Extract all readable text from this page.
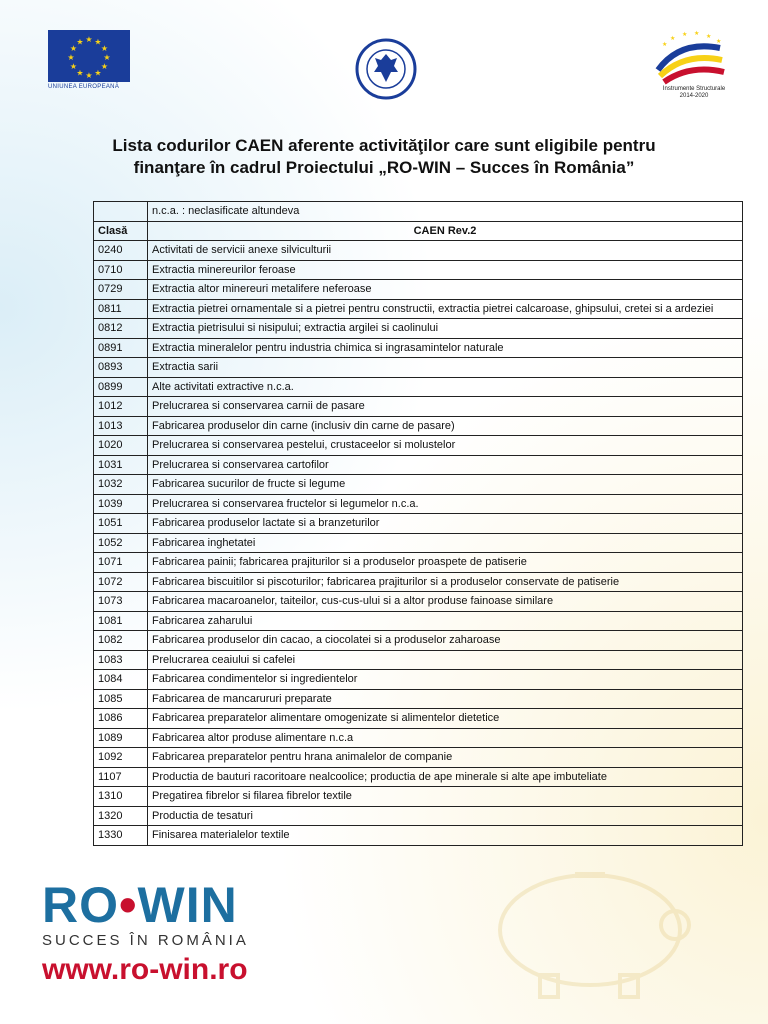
★ ★
★
★
★
★
★
★
★
★
★
★
UNIUNEA EUROPEANĂ
★
★ ★ ★
★
★
Instrumente Structurale
2014-2020
Lista codurilor CAEN aferente activităţilor care sunt eligibile pentru
finanţare în cadrul Proiectului „RO-WIN – Succes în România”
	n.c.a. : neclasificate altundeva
Clasă	CAEN Rev.2
0240	Activitati de servicii anexe silviculturii
0710	Extractia minereurilor feroase
0729	Extractia altor minereuri metalifere neferoase
0811	Extractia pietrei ornamentale si a pietrei pentru constructii, extractia pietrei calcaroase, ghipsului, cretei si a ardeziei
0812	Extractia pietrisului si nisipului; extractia argilei si caolinului
0891	Extractia mineralelor pentru industria chimica si ingrasamintelor naturale
0893	Extractia sarii
0899	Alte activitati extractive n.c.a.
1012	Prelucrarea si conservarea carnii de pasare
1013	Fabricarea produselor din carne (inclusiv din carne de pasare)
1020	Prelucrarea si conservarea pestelui, crustaceelor si molustelor
1031	Prelucrarea si conservarea cartofilor
1032	Fabricarea sucurilor de fructe si legume
1039	Prelucrarea si conservarea fructelor si legumelor n.c.a.
1051	Fabricarea produselor lactate si a branzeturilor
1052	Fabricarea inghetatei
1071	Fabricarea painii; fabricarea prajiturilor si a produselor proaspete de patiserie
1072	Fabricarea biscuitilor si piscoturilor; fabricarea prajiturilor si a produselor conservate de patiserie
1073	Fabricarea macaroanelor, taiteilor, cus-cus-ului si a altor produse fainoase similare
1081	Fabricarea zaharului
1082	Fabricarea produselor din cacao, a ciocolatei si a produselor zaharoase
1083	Prelucrarea ceaiului si cafelei
1084	Fabricarea condimentelor si ingredientelor
1085	Fabricarea de mancarururi preparate
1086	Fabricarea preparatelor alimentare omogenizate si alimentelor dietetice
1089	Fabricarea altor produse alimentare n.c.a
1092	Fabricarea preparatelor pentru hrana animalelor de companie
1107	Productia de bauturi racoritoare nealcoolice; productia de ape minerale si alte ape imbuteliate
1310	Pregatirea fibrelor si filarea fibrelor textile
1320	Productia de tesaturi
1330	Finisarea materialelor textile
RO•WIN
SUCCES ÎN ROMÂNIA
www.ro-win.ro
